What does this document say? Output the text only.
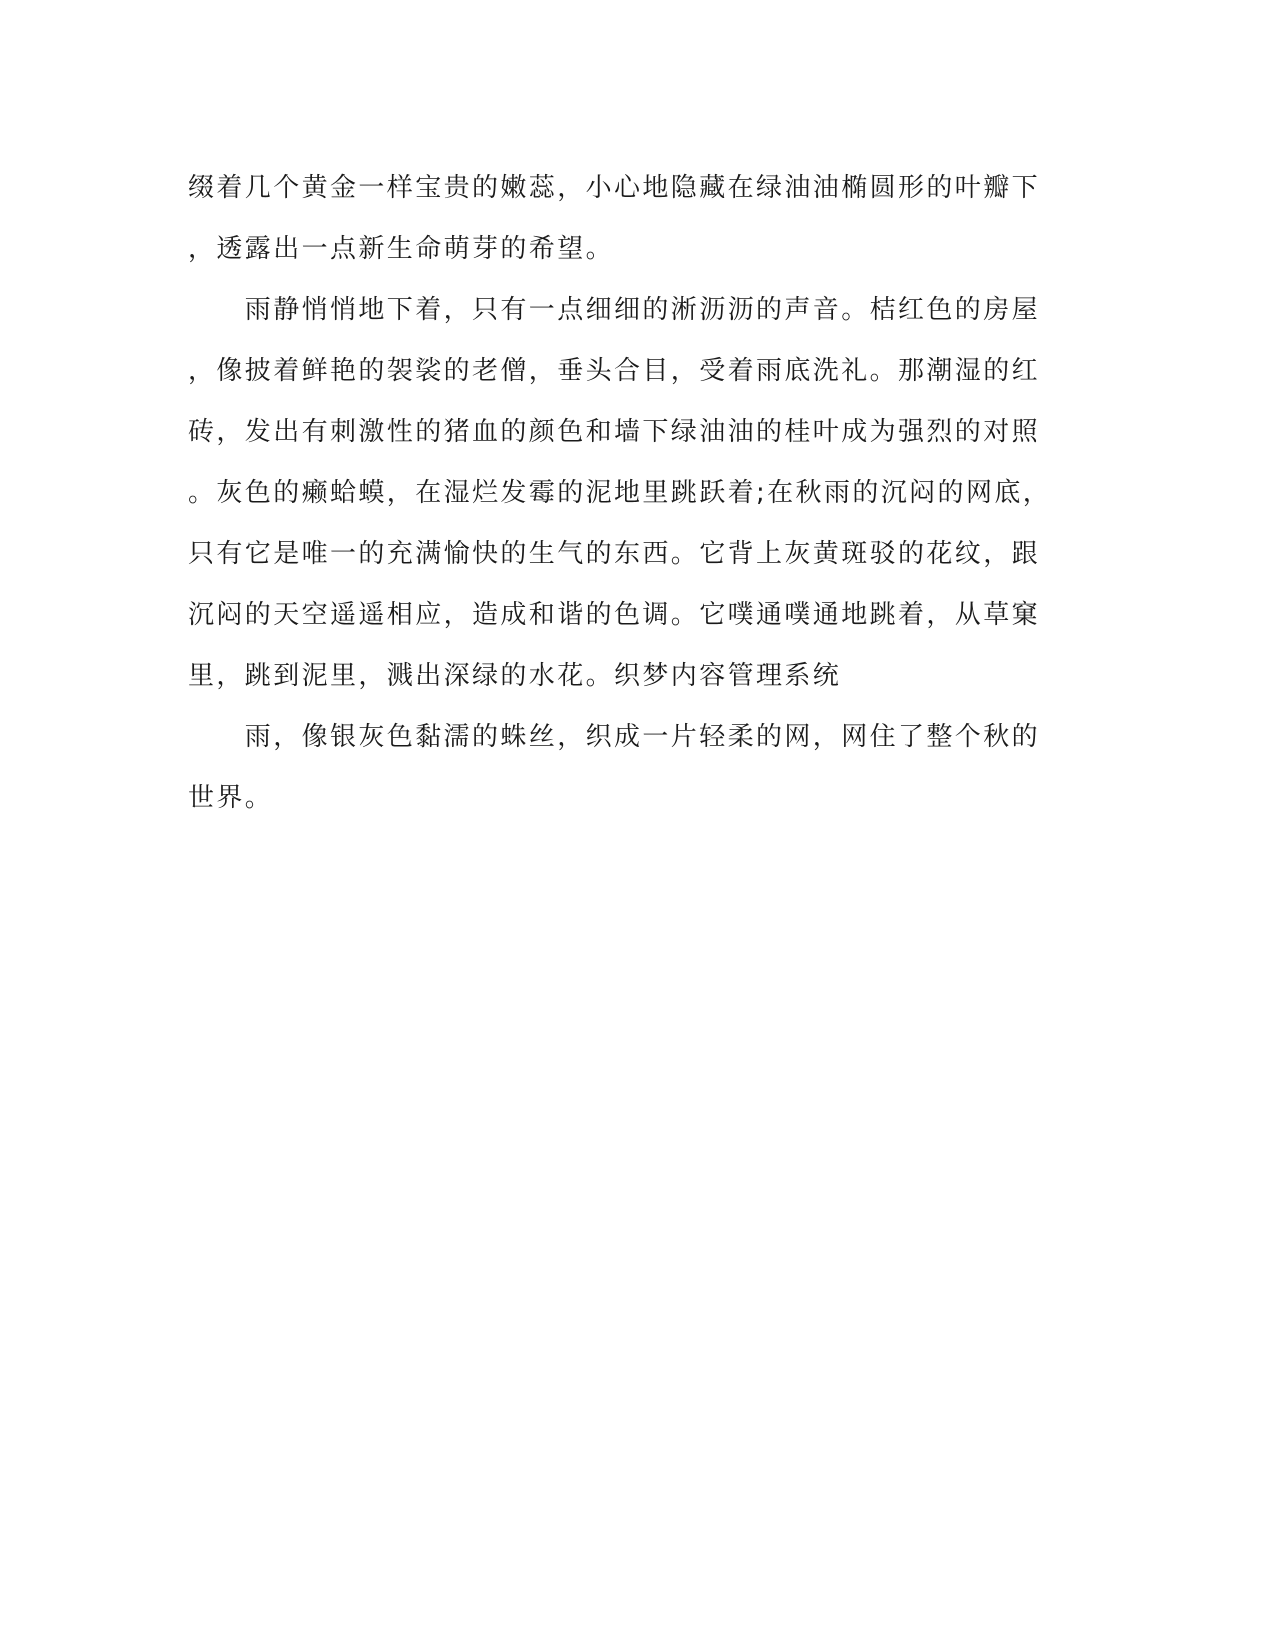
缀着几个黄金一样宝贵的嫩蕊，小心地隐藏在绿油油椭圆形的叶瓣下
，透露出一点新生命萌芽的希望。
　　雨静悄悄地下着，只有一点细细的淅沥沥的声音。桔红色的房屋
，像披着鲜艳的袈裟的老僧，垂头合目，受着雨底洗礼。那潮湿的红
砖，发出有刺激性的猪血的颜色和墙下绿油油的桂叶成为强烈的对照
。灰色的癞蛤蟆，在湿烂发霉的泥地里跳跃着;在秋雨的沉闷的网底，
只有它是唯一的充满愉快的生气的东西。它背上灰黄斑驳的花纹，跟
沉闷的天空遥遥相应，造成和谐的色调。它噗通噗通地跳着，从草窠
里，跳到泥里，溅出深绿的水花。织梦内容管理系统
　　雨，像银灰色黏濡的蛛丝，织成一片轻柔的网，网住了整个秋的
世界。
